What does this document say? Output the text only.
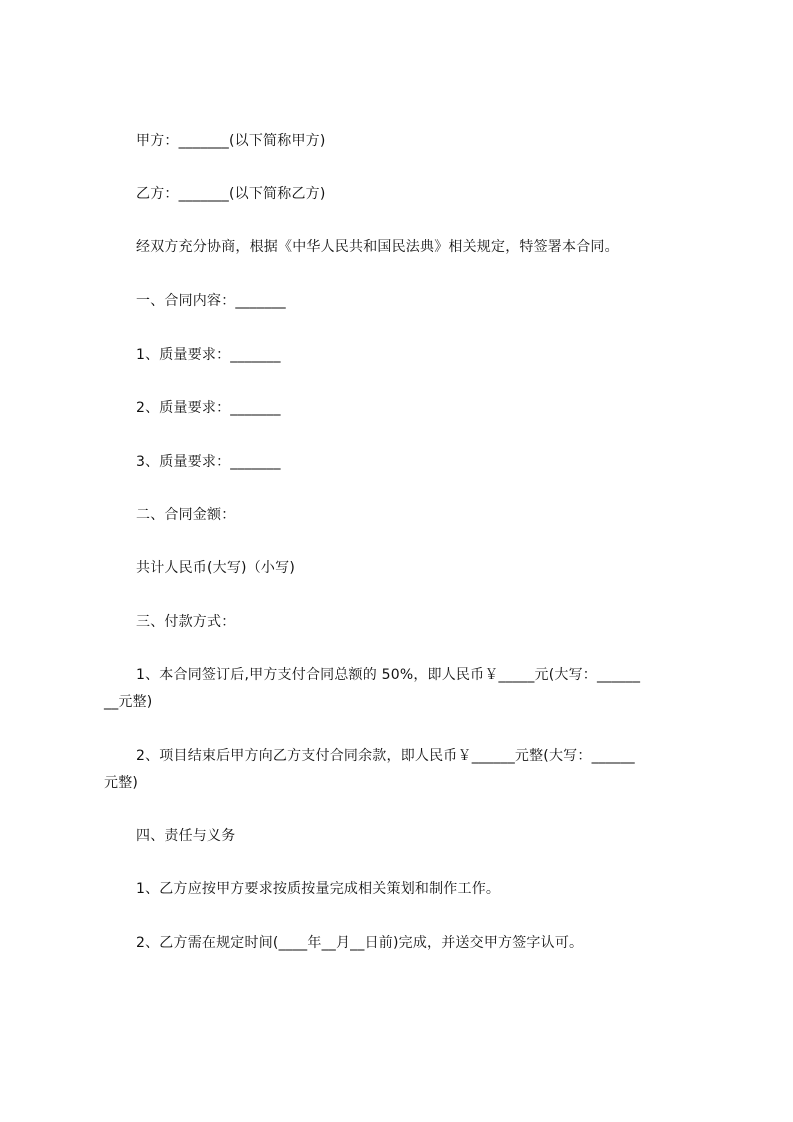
甲方：_______(以下简称甲方)
乙方：_______(以下简称乙方)
经双方充分协商，根据《中华人民共和国民法典》相关规定，特签署本合同。
一、合同内容：_______
1、质量要求：_______
2、质量要求：_______
3、质量要求：_______
二、合同金额：
共计人民币(大写)（小写)
三、付款方式：
1、本合同签订后,甲方支付合同总额的 50%，即人民币￥_____元(大写：______
__元整)
2、项目结束后甲方向乙方支付合同余款，即人民币￥______元整(大写：______
元整)
四、责任与义务
1、乙方应按甲方要求按质按量完成相关策划和制作工作。
2、乙方需在规定时间(____年__月__日前)完成，并送交甲方签字认可。
